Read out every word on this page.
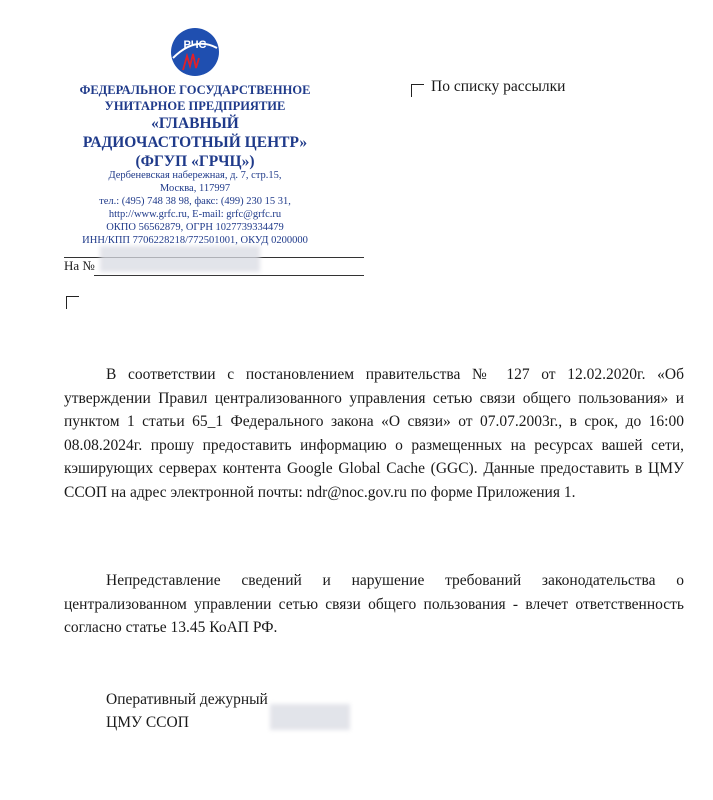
РЧС
ФЕДЕРАЛЬНОЕ ГОСУДАРСТВЕННОЕ
УНИТАРНОЕ ПРЕДПРИЯТИЕ
«ГЛАВНЫЙ
РАДИОЧАСТОТНЫЙ ЦЕНТР»
(ФГУП «ГРЧЦ»)
Дербеневская набережная, д. 7, стр.15,
Москва, 117997
тел.: (495) 748 38 98, факс: (499) 230 15 31,
http://www.grfc.ru, E-mail: grfc@grfc.ru
ОКПО 56562879, ОГРН 1027739334479
ИНН/КПП 7706228218/772501001, ОКУД 0200000
На №
По списку рассылки

В соответствии с постановлением правительства № 127 от 12.02.2020г. «Об утверждении Правил централизованного управления сетью связи общего пользования» и пунктом 1 статьи 65_1 Федерального закона «О связи» от 07.07.2003г., в срок, до 16:00 08.08.2024г. прошу предоставить информацию о размещенных на ресурсах вашей сети, кэширующих серверах контента Google Global Cache (GGC). Данные предоставить в ЦМУ ССОП на адрес электронной почты: ndr@noc.gov.ru по форме Приложения 1.

Непредставление сведений и нарушение требований законодательства о централизованном управлении сетью связи общего пользования - влечет ответственность согласно статье 13.45 КоАП РФ.

Оперативный дежурный
ЦМУ ССОП
